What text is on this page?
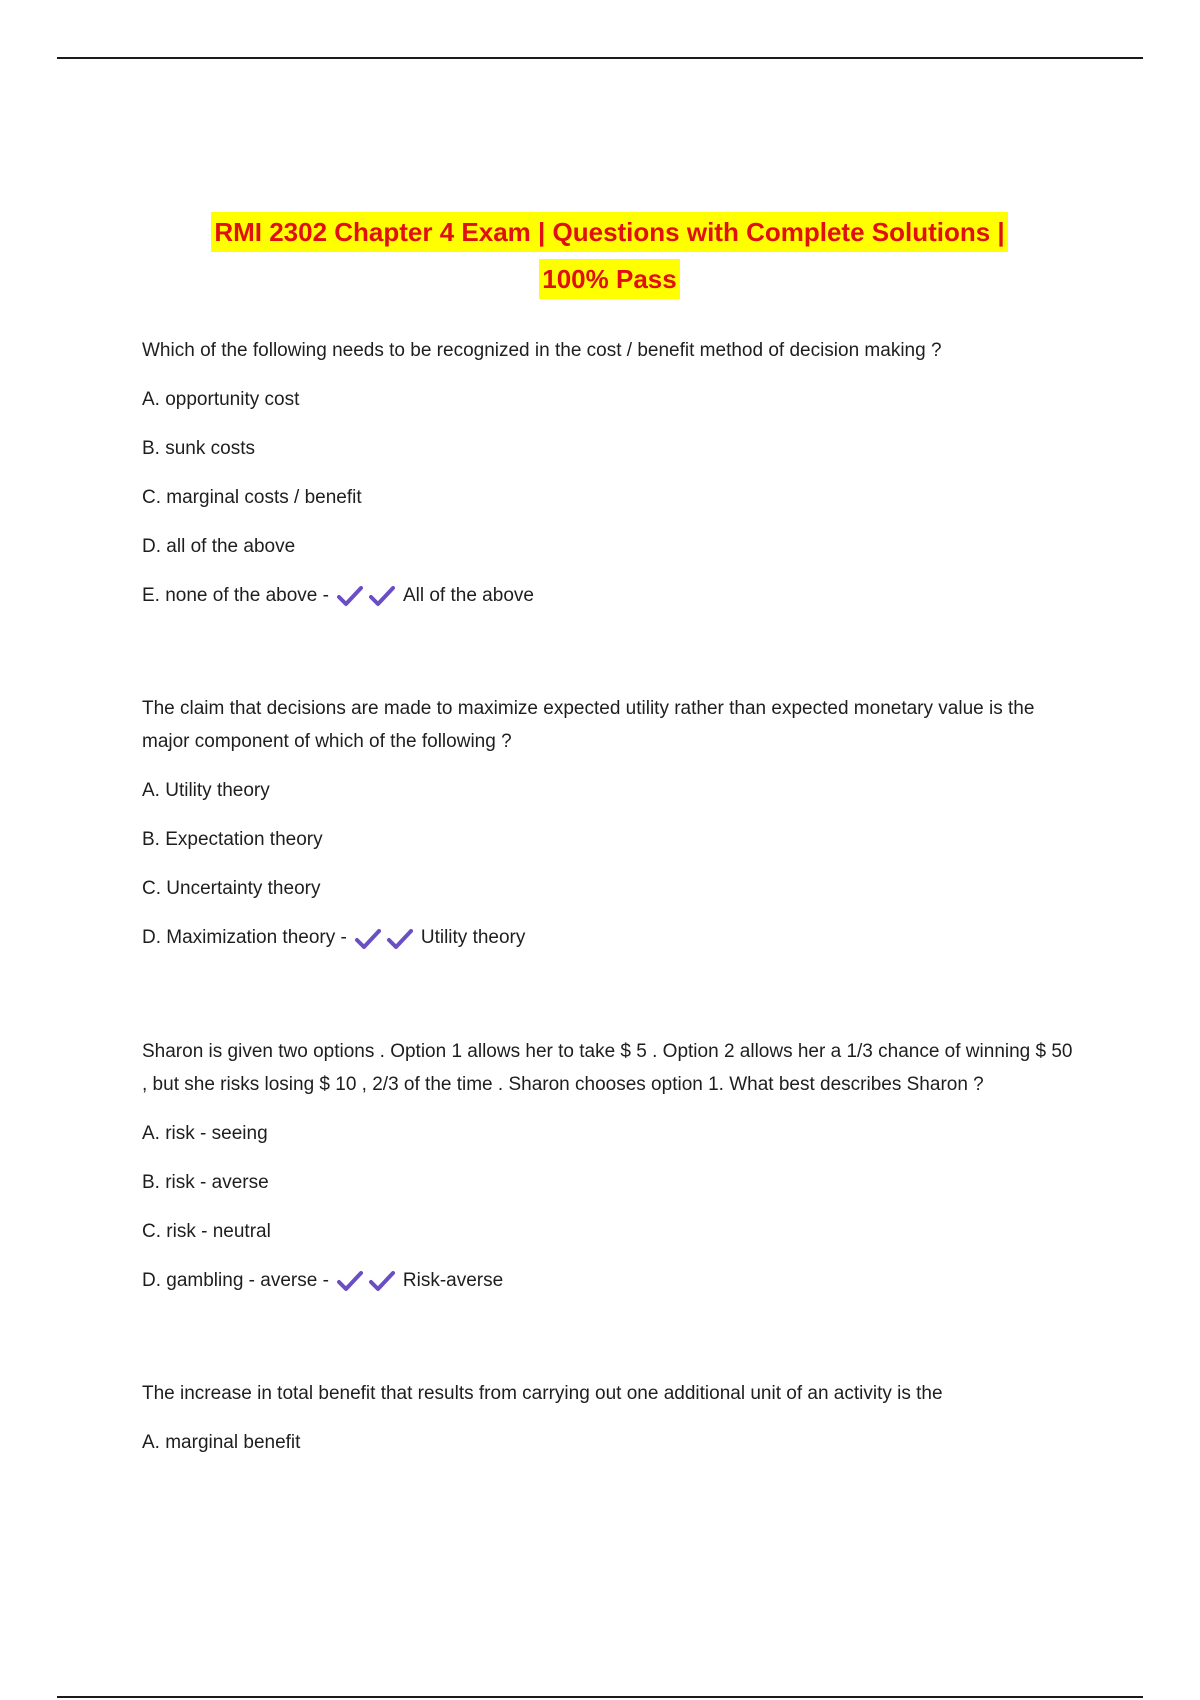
RMI 2302 Chapter 4 Exam | Questions with Complete Solutions |
100% Pass
Which of the following needs to be recognized in the cost / benefit method of decision making ?
A. opportunity cost
B. sunk costs
C. marginal costs / benefit
D. all of the above
E. none of the above -	All of the above
The claim that decisions are made to maximize expected utility rather than expected monetary value is the major component of which of the following ?
A. Utility theory
B. Expectation theory
C. Uncertainty theory
D. Maximization theory -	Utility theory
Sharon is given two options . Option 1 allows her to take $ 5 . Option 2 allows her a 1/3 chance of winning $ 50 , but she risks losing $ 10 , 2/3 of the time . Sharon chooses option 1. What best describes Sharon ?
A. risk - seeing
B. risk - averse
C. risk - neutral
D. gambling - averse -	Risk-averse
The increase in total benefit that results from carrying out one additional unit of an activity is the
A. marginal benefit
